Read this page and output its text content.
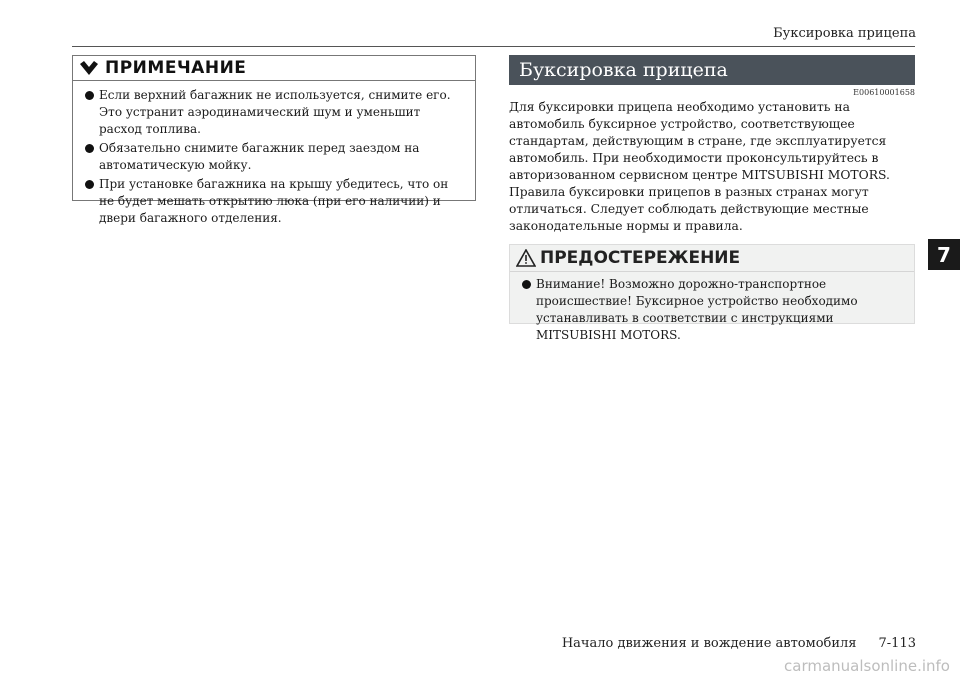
Буксировка прицепа
ПРИМЕЧАНИЕ
Если верхний багажник не используется, снимите его. Это устранит аэродинамический шум и уменьшит расход топлива.
Обязательно снимите багажник перед заездом на автоматическую мойку.
При установке багажника на крышу убедитесь, что он не будет мешать открытию люка (при его наличии) и двери багажного отделения.
Буксировка прицепа
E00610001658

Для буксировки прицепа необходимо установить на автомобиль буксирное устройство, соответствующее стандартам, действующим в стране, где эксплуатируется автомобиль. При необходимости проконсультируйтесь в авторизованном сервисном центре MITSUBISHI MOTORS.

Правила буксировки прицепов в разных странах могут отличаться. Следует соблюдать действующие местные законодательные нормы и правила.

ПРЕДОСТЕРЕЖЕНИЕ
Внимание! Возможно дорожно-транспортное происшествие! Буксирное устройство необходимо устанавливать в соответствии с инструкциями MITSUBISHI MOTORS.
7
Начало движения и вождение автомобиля 7-113
carmanualsonline.info
